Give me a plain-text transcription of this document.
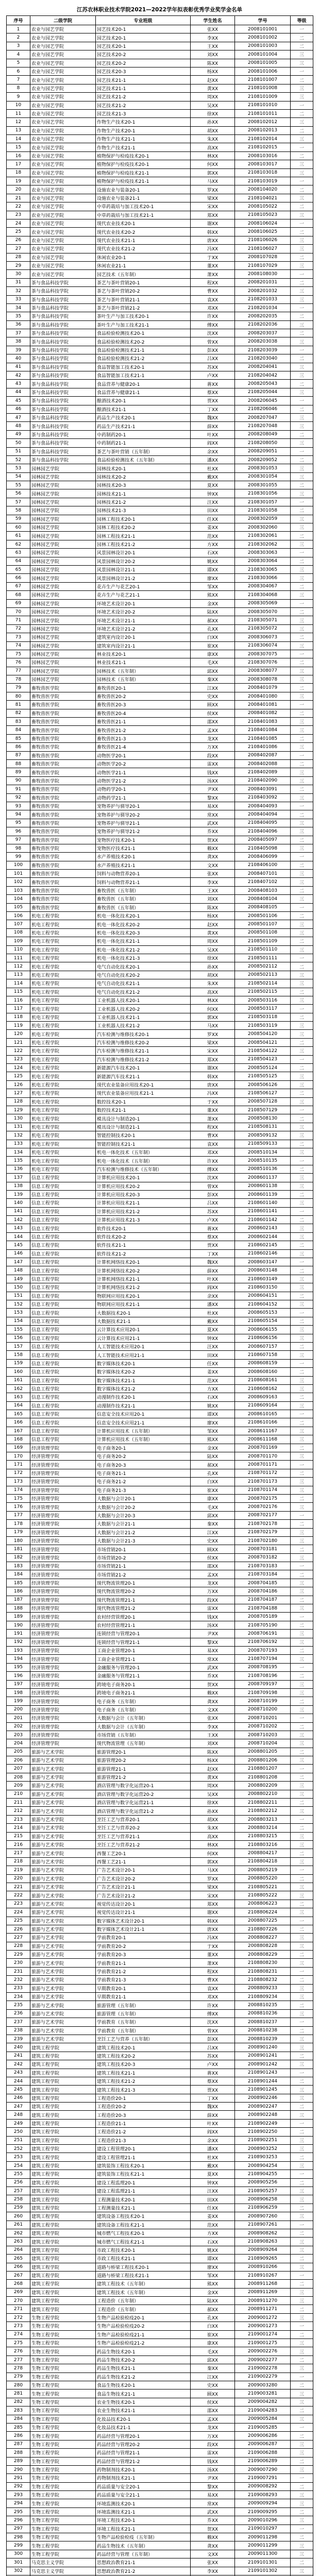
江苏农林职业技术学院2021—2022学年拟表彰优秀学业奖学金名单
序号	二级学院	专业班级	学生姓名	学号	等级
1	农业与园艺学院	园艺技术20-1	张XX	2008101001	一
2	农业与园艺学院	园艺技术20-1	李XX	2008101002	二
3	农业与园艺学院	园艺技术20-1	王XX	2008101003	二
4	农业与园艺学院	园艺技术20-2	刘XX	2008101004	三
5	农业与园艺学院	园艺技术20-2	陈XX	2008101005	三
6	农业与园艺学院	园艺技术20-3	杨XX	2008101006	一
7	农业与园艺学院	园艺技术21-1	赵XX	2108101007	二
8	农业与园艺学院	园艺技术21-1	黄XX	2108101008	三
9	农业与园艺学院	园艺技术21-2	周XX	2108101009	三
10	农业与园艺学院	园艺技术21-2	吴XX	2108101010	一
11	农业与园艺学院	园艺技术21-3	徐XX	2108101011	二
12	农业与园艺学院	作物生产技术20-1	孙XX	2008102012	三
13	农业与园艺学院	作物生产技术20-1	胡XX	2008102013	二
14	农业与园艺学院	作物生产技术21-1	朱XX	2108102014	三
15	农业与园艺学院	作物生产技术21-1	高XX	2108102015	一
16	农业与园艺学院	植物保护与检疫技术20-1	林XX	2008103016	二
17	农业与园艺学院	植物保护与检疫技术20-1	何XX	2008103017	三
18	农业与园艺学院	植物保护与检疫技术21-1	郭XX	2108103018	三
19	农业与园艺学院	植物保护与检疫技术21-1	马XX	2108103019	一
20	农业与园艺学院	设施农业与装备20-1	罗XX	2008104020	二
21	农业与园艺学院	设施农业与装备21-1	梁XX	2108104021	三
22	农业与园艺学院	中草药栽培与加工技术20-1	宋XX	2008105022	二
23	农业与园艺学院	中草药栽培与加工技术21-1	郑XX	2108105023	三
24	农业与园艺学院	现代农业技术20-1	谢XX	2008106024	一
25	农业与园艺学院	现代农业技术20-2	韩XX	2008106025	二
26	农业与园艺学院	现代农业技术21-1	唐XX	2108106026	三
27	农业与园艺学院	现代农业技术21-2	冯XX	2108106027	三
28	农业与园艺学院	休闲农业20-1	于XX	2008107028	二
29	农业与园艺学院	休闲农业21-1	董XX	2108107029	三
30	农业与园艺学院	园艺技术（五年制）	萧XX	2008108030	一
31	茶与食品科技学院	茶艺与茶叶营销20-1	程XX	2008201031	二
32	茶与食品科技学院	茶艺与茶叶营销20-2	曹XX	2008201032	三
33	茶与食品科技学院	茶艺与茶叶营销21-1	袁XX	2108201033	三
34	茶与食品科技学院	茶艺与茶叶营销21-2	邓XX	2108201034	一
35	茶与食品科技学院	茶叶生产与加工技术20-1	许XX	2008202035	二
36	茶与食品科技学院	茶叶生产与加工技术21-1	傅XX	2108202036	三
37	茶与食品科技学院	食品检验检测技术20-1	沈XX	2008203037	二
38	茶与食品科技学院	食品检验检测技术20-2	曾XX	2008203038	三
39	茶与食品科技学院	食品检验检测技术21-1	彭XX	2108203039	一
40	茶与食品科技学院	食品检验检测技术21-2	吕XX	2108203040	二
41	茶与食品科技学院	食品智能加工技术20-1	苏XX	2008204041	三
42	茶与食品科技学院	食品智能加工技术21-1	卢XX	2108204042	三
43	茶与食品科技学院	食品营养与健康20-1	蒋XX	2008205043	二
44	茶与食品科技学院	食品营养与健康21-1	蔡XX	2108205044	三
45	茶与食品科技学院	酿酒技术20-1	贾XX	2008206045	一
46	茶与食品科技学院	酿酒技术21-1	丁XX	2108206046	二
47	茶与食品科技学院	药品生产技术20-1	魏XX	2008207047	三
48	茶与食品科技学院	药品生产技术21-1	薛XX	2108207048	三
49	茶与食品科技学院	中药制药20-1	叶XX	2008208049	二
50	茶与食品科技学院	中药制药21-1	阎XX	2108208050	三
51	茶与食品科技学院	茶艺与茶叶营销（五年制）	余XX	2008209051	一
52	茶与食品科技学院	食品检验检测技术（五年制）	潘XX	2008209052	二
53	园林园艺学院	园林技术20-1	杜XX	2008301053	三
54	园林园艺学院	园林技术20-2	戴XX	2008301054	三
55	园林园艺学院	园林技术20-3	夏XX	2008301055	二
56	园林园艺学院	园林技术21-1	钟XX	2108301056	三
57	园林园艺学院	园林技术21-2	汪XX	2108301057	一
58	园林园艺学院	园林技术21-3	田XX	2108301058	二
59	园林园艺学院	园林工程技术20-1	任XX	2008302059	三
60	园林园艺学院	园林工程技术20-2	姜XX	2008302060	三
61	园林园艺学院	园林工程技术21-1	范XX	2108302061	二
62	园林园艺学院	园林工程技术21-2	方XX	2108302062	三
63	园林园艺学院	风景园林设计20-1	石XX	2008303063	一
64	园林园艺学院	风景园林设计20-2	姚XX	2008303064	二
65	园林园艺学院	风景园林设计21-1	谭XX	2108303065	三
66	园林园艺学院	风景园林设计21-2	廖XX	2108303066	三
67	园林园艺学院	花卉生产与花艺20-1	邹XX	2008304067	二
68	园林园艺学院	花卉生产与花艺21-1	熊XX	2108304068	三
69	园林园艺学院	环境艺术设计20-1	金XX	2008305069	一
70	园林园艺学院	环境艺术设计20-2	陆XX	2008305070	二
71	园林园艺学院	环境艺术设计21-1	郝XX	2108305071	三
72	园林园艺学院	环境艺术设计21-2	孔XX	2108305072	三
73	园林园艺学院	建筑室内设计20-1	白XX	2008306073	二
74	园林园艺学院	建筑室内设计21-1	崔XX	2108306074	三
75	园林园艺学院	林业技术20-1	康XX	2008307075	一
76	园林园艺学院	林业技术21-1	毛XX	2108307076	二
77	园林园艺学院	园林技术（五年制）	邱XX	2008308077	三
78	园林园艺学院	园林技术（五年制）	秦XX	2008308078	三
79	畜牧兽医学院	畜牧兽医20-1	江XX	2008401079	二
80	畜牧兽医学院	畜牧兽医20-2	史XX	2008401080	三
81	畜牧兽医学院	畜牧兽医20-3	顾XX	2008401081	一
82	畜牧兽医学院	畜牧兽医20-4	侯XX	2008401082	二
83	畜牧兽医学院	畜牧兽医21-1	邵XX	2108401083	三
84	畜牧兽医学院	畜牧兽医21-2	孟XX	2108401084	三
85	畜牧兽医学院	畜牧兽医21-3	龙XX	2108401085	二
86	畜牧兽医学院	畜牧兽医21-4	万XX	2108401086	三
87	畜牧兽医学院	动物医学20-1	段XX	2008402087	一
88	畜牧兽医学院	动物医学20-2	雷XX	2008402088	二
89	畜牧兽医学院	动物医学21-1	钱XX	2108402089	三
90	畜牧兽医学院	动物医学21-2	汤XX	2108402090	三
91	畜牧兽医学院	动物药学20-1	尹XX	2008403091	二
92	畜牧兽医学院	动物药学21-1	黎XX	2108403092	三
93	畜牧兽医学院	宠物养护与驯导20-1	易XX	2008404093	一
94	畜牧兽医学院	宠物养护与驯导20-2	常XX	2008404094	二
95	畜牧兽医学院	宠物养护与驯导21-1	武XX	2108404095	三
96	畜牧兽医学院	宠物养护与驯导21-2	乔XX	2108404096	三
97	畜牧兽医学院	宠物医疗技术20-1	贺XX	2008405097	二
98	畜牧兽医学院	宠物医疗技术21-1	赖XX	2108405098	三
99	畜牧兽医学院	水产养殖技术20-1	龚XX	2008406099	一
100	畜牧兽医学院	水产养殖技术21-1	文XX	2108406100	二
101	畜牧兽医学院	饲料与动物营养20-1	张XX	2008407101	三
102	畜牧兽医学院	饲料与动物营养21-1	李XX	2108407102	三
103	畜牧兽医学院	畜牧兽医（五年制）	王XX	2008408103	二
104	畜牧兽医学院	畜牧兽医（五年制）	刘XX	2008408104	三
105	畜牧兽医学院	畜牧兽医（五年制）	陈XX	2008408105	一
106	机电工程学院	机电一体化技术20-1	杨XX	2008501106	二
107	机电工程学院	机电一体化技术20-2	赵XX	2008501107	三
108	机电工程学院	机电一体化技术20-3	黄XX	2008501108	三
109	机电工程学院	机电一体化技术21-1	周XX	2108501109	二
110	机电工程学院	机电一体化技术21-2	吴XX	2108501110	三
111	机电工程学院	机电一体化技术21-3	徐XX	2108501111	一
112	机电工程学院	电气自动化技术20-1	孙XX	2008502112	二
113	机电工程学院	电气自动化技术20-2	胡XX	2008502113	三
114	机电工程学院	电气自动化技术21-1	朱XX	2108502114	三
115	机电工程学院	电气自动化技术21-2	高XX	2108502115	二
116	机电工程学院	工业机器人技术20-1	林XX	2008503116	三
117	机电工程学院	工业机器人技术20-2	何XX	2008503117	一
118	机电工程学院	工业机器人技术21-1	郭XX	2108503118	二
119	机电工程学院	工业机器人技术21-2	马XX	2108503119	三
120	机电工程学院	汽车检测与维修技术20-1	罗XX	2008504120	三
121	机电工程学院	汽车检测与维修技术20-2	梁XX	2008504121	二
122	机电工程学院	汽车检测与维修技术21-1	宋XX	2108504122	三
123	机电工程学院	汽车检测与维修技术21-2	郑XX	2108504123	一
124	机电工程学院	新能源汽车技术20-1	谢XX	2008505124	二
125	机电工程学院	新能源汽车技术21-1	韩XX	2108505125	三
126	机电工程学院	现代农业装备应用技术20-1	唐XX	2008506126	三
127	机电工程学院	现代农业装备应用技术21-1	冯XX	2108506127	二
128	机电工程学院	数控技术20-1	于XX	2008507128	三
129	机电工程学院	数控技术21-1	董XX	2108507129	一
130	机电工程学院	模具设计与制造20-1	萧XX	2008508130	二
131	机电工程学院	模具设计与制造21-1	程XX	2108508131	三
132	机电工程学院	智能控制技术20-1	曹XX	2008509132	三
133	机电工程学院	智能控制技术21-1	袁XX	2108509133	二
134	机电工程学院	机电一体化技术（五年制）	邓XX	2008510134	三
135	机电工程学院	机电一体化技术（五年制）	许XX	2008510135	一
136	机电工程学院	汽车检测与维修技术（五年制）	傅XX	2008510136	二
137	信息工程学院	计算机应用技术20-1	沈XX	2008601137	三
138	信息工程学院	计算机应用技术20-2	曾XX	2008601138	三
139	信息工程学院	计算机应用技术20-3	彭XX	2008601139	二
140	信息工程学院	计算机应用技术21-1	吕XX	2108601140	三
141	信息工程学院	计算机应用技术21-2	苏XX	2108601141	一
142	信息工程学院	计算机应用技术21-3	卢XX	2108601142	二
143	信息工程学院	软件技术20-1	蒋XX	2008602143	三
144	信息工程学院	软件技术20-2	蔡XX	2008602144	三
145	信息工程学院	软件技术21-1	贾XX	2108602145	二
146	信息工程学院	软件技术21-2	丁XX	2108602146	三
147	信息工程学院	计算机网络技术20-1	魏XX	2008603147	一
148	信息工程学院	计算机网络技术20-2	薛XX	2008603148	二
149	信息工程学院	计算机网络技术21-1	叶XX	2108603149	三
150	信息工程学院	计算机网络技术21-2	阎XX	2108603150	三
151	信息工程学院	物联网应用技术20-1	余XX	2008604151	二
152	信息工程学院	物联网应用技术21-1	潘XX	2108604152	三
153	信息工程学院	大数据技术20-1	杜XX	2008605153	一
154	信息工程学院	大数据技术21-1	戴XX	2108605154	二
155	信息工程学院	云计算技术应用20-1	夏XX	2008606155	三
156	信息工程学院	云计算技术应用21-1	钟XX	2108606156	三
157	信息工程学院	人工智能技术应用20-1	汪XX	2008607157	二
158	信息工程学院	人工智能技术应用21-1	田XX	2108607158	三
159	信息工程学院	数字媒体技术20-1	任XX	2008608159	一
160	信息工程学院	数字媒体技术20-2	姜XX	2008608160	二
161	信息工程学院	数字媒体技术21-1	范XX	2108608161	三
162	信息工程学院	数字媒体技术21-2	方XX	2108608162	三
163	信息工程学院	动漫制作技术20-1	石XX	2008609163	二
164	信息工程学院	动漫制作技术21-1	姚XX	2108609164	三
165	信息工程学院	信息安全技术应用20-1	谭XX	2008610165	一
166	信息工程学院	信息安全技术应用21-1	廖XX	2108610166	二
167	信息工程学院	计算机应用技术（五年制）	邹XX	2008611167	三
168	信息工程学院	计算机应用技术（五年制）	熊XX	2008611168	三
169	经济管理学院	电子商务20-1	金XX	2008701169	二
170	经济管理学院	电子商务20-2	陆XX	2008701170	三
171	经济管理学院	电子商务20-3	郝XX	2008701171	一
172	经济管理学院	电子商务21-1	孔XX	2108701172	二
173	经济管理学院	电子商务21-2	白XX	2108701173	三
174	经济管理学院	电子商务21-3	崔XX	2108701174	三
175	经济管理学院	大数据与会计20-1	康XX	2008702175	二
176	经济管理学院	大数据与会计20-2	毛XX	2008702176	三
177	经济管理学院	大数据与会计20-3	邱XX	2008702177	一
178	经济管理学院	大数据与会计21-1	秦XX	2108702178	二
179	经济管理学院	大数据与会计21-2	江XX	2108702179	三
180	经济管理学院	大数据与会计21-3	史XX	2108702180	三
181	经济管理学院	市场营销20-1	顾XX	2008703181	二
182	经济管理学院	市场营销20-2	侯XX	2008703182	三
183	经济管理学院	市场营销21-1	邵XX	2108703183	一
184	经济管理学院	市场营销21-2	孟XX	2108703184	二
185	经济管理学院	现代物流管理20-1	龙XX	2008704185	三
186	经济管理学院	现代物流管理20-2	万XX	2008704186	三
187	经济管理学院	现代物流管理21-1	段XX	2108704187	二
188	经济管理学院	现代物流管理21-2	雷XX	2108704188	三
189	经济管理学院	农村经营管理20-1	钱XX	2008705189	一
190	经济管理学院	农村经营管理21-1	汤XX	2108705190	二
191	经济管理学院	连锁经营与管理20-1	尹XX	2008706191	三
192	经济管理学院	连锁经营与管理21-1	黎XX	2108706192	三
193	经济管理学院	工商企业管理20-1	易XX	2008707193	二
194	经济管理学院	工商企业管理21-1	常XX	2108707194	三
195	经济管理学院	金融服务与管理20-1	武XX	2008708195	一
196	经济管理学院	金融服务与管理21-1	乔XX	2108708196	二
197	经济管理学院	跨境电子商务20-1	贺XX	2008709197	三
198	经济管理学院	跨境电子商务21-1	赖XX	2108709198	三
199	经济管理学院	电子商务（五年制）	龚XX	2008710199	二
200	经济管理学院	电子商务（五年制）	文XX	2008710200	三
201	经济管理学院	大数据与会计（五年制）	张XX	2008710201	一
202	经济管理学院	大数据与会计（五年制）	李XX	2008710202	二
203	经济管理学院	市场营销（五年制）	王XX	2008710203	三
204	经济管理学院	现代物流管理（五年制）	刘XX	2008710204	三
205	旅游与艺术学院	旅游管理20-1	陈XX	2008801205	二
206	旅游与艺术学院	旅游管理20-2	杨XX	2008801206	三
207	旅游与艺术学院	旅游管理21-1	赵XX	2108801207	一
208	旅游与艺术学院	旅游管理21-2	黄XX	2108801208	二
209	旅游与艺术学院	酒店管理与数字化运营20-1	周XX	2008802209	三
210	旅游与艺术学院	酒店管理与数字化运营20-2	吴XX	2008802210	三
211	旅游与艺术学院	酒店管理与数字化运营21-1	徐XX	2108802211	二
212	旅游与艺术学院	酒店管理与数字化运营21-2	孙XX	2108802212	三
213	旅游与艺术学院	烹饪工艺与营养20-1	胡XX	2008803213	一
214	旅游与艺术学院	烹饪工艺与营养20-2	朱XX	2008803214	二
215	旅游与艺术学院	烹饪工艺与营养21-1	高XX	2108803215	三
216	旅游与艺术学院	烹饪工艺与营养21-2	林XX	2108803216	三
217	旅游与艺术学院	西餐工艺20-1	何XX	2008804217	二
218	旅游与艺术学院	西餐工艺21-1	郭XX	2108804218	三
219	旅游与艺术学院	广告艺术设计20-1	马XX	2008805219	一
220	旅游与艺术学院	广告艺术设计20-2	罗XX	2008805220	二
221	旅游与艺术学院	广告艺术设计21-1	梁XX	2108805221	三
222	旅游与艺术学院	广告艺术设计21-2	宋XX	2108805222	三
223	旅游与艺术学院	视觉传达设计20-1	郑XX	2008806223	二
224	旅游与艺术学院	视觉传达设计21-1	谢XX	2108806224	三
225	旅游与艺术学院	数字媒体艺术设计20-1	韩XX	2008807225	一
226	旅游与艺术学院	数字媒体艺术设计21-1	唐XX	2108807226	二
227	旅游与艺术学院	学前教育20-1	冯XX	2008808227	三
228	旅游与艺术学院	学前教育20-2	于XX	2008808228	三
229	旅游与艺术学院	学前教育20-3	董XX	2008808229	二
230	旅游与艺术学院	学前教育21-1	萧XX	2108808230	三
231	旅游与艺术学院	学前教育21-2	程XX	2108808231	一
232	旅游与艺术学院	学前教育21-3	曹XX	2108808232	二
233	旅游与艺术学院	早期教育20-1	袁XX	2008809233	三
234	旅游与艺术学院	早期教育21-1	邓XX	2108809234	三
235	旅游与艺术学院	旅游管理（五年制）	许XX	2008810235	二
236	旅游与艺术学院	旅游管理（五年制）	傅XX	2008810236	三
237	旅游与艺术学院	学前教育（五年制）	沈XX	2008810237	一
238	旅游与艺术学院	学前教育（五年制）	曾XX	2008810238	二
239	旅游与艺术学院	烹饪工艺与营养（五年制）	彭XX	2008810239	三
240	建筑工程学院	建筑工程技术20-1	吕XX	2008901240	三
241	建筑工程学院	建筑工程技术20-2	苏XX	2008901241	二
242	建筑工程学院	建筑工程技术20-3	卢XX	2008901242	三
243	建筑工程学院	建筑工程技术21-1	蒋XX	2108901243	一
244	建筑工程学院	建筑工程技术21-2	蔡XX	2108901244	二
245	建筑工程学院	建筑工程技术21-3	贾XX	2108901245	三
246	建筑工程学院	工程造价20-1	丁XX	2008902246	三
247	建筑工程学院	工程造价20-2	魏XX	2008902247	二
248	建筑工程学院	工程造价20-3	薛XX	2008902248	三
249	建筑工程学院	工程造价21-1	叶XX	2108902249	一
250	建筑工程学院	工程造价21-2	阎XX	2108902250	二
251	建筑工程学院	工程造价21-3	余XX	2108902251	三
252	建筑工程学院	建设工程管理20-1	潘XX	2008903252	三
253	建筑工程学院	建设工程管理21-1	杜XX	2108903253	二
254	建筑工程学院	建筑装饰工程技术20-1	戴XX	2008904254	三
255	建筑工程学院	建筑装饰工程技术21-1	夏XX	2108904255	一
256	建筑工程学院	建设工程监理20-1	钟XX	2008905256	二
257	建筑工程学院	建设工程监理21-1	汪XX	2108905257	三
258	建筑工程学院	工程测量技术20-1	田XX	2008906258	三
259	建筑工程学院	工程测量技术21-1	任XX	2108906259	二
260	建筑工程学院	建筑设备工程技术20-1	姜XX	2008907260	三
261	建筑工程学院	建筑设备工程技术21-1	范XX	2108907261	一
262	建筑工程学院	城市燃气工程技术20-1	方XX	2008908262	二
263	建筑工程学院	城市燃气工程技术21-1	石XX	2108908263	三
264	建筑工程学院	市政工程技术20-1	姚XX	2008909264	三
265	建筑工程学院	市政工程技术21-1	谭XX	2108909265	二
266	建筑工程学院	道路与桥梁工程技术20-1	廖XX	2008910266	三
267	建筑工程学院	道路与桥梁工程技术21-1	邹XX	2108910267	一
268	建筑工程学院	建筑工程技术（五年制）	熊XX	2008911268	二
269	建筑工程学院	建筑工程技术（五年制）	金XX	2008911269	三
270	建筑工程学院	工程造价（五年制）	陆XX	2008911270	三
271	建筑工程学院	工程造价（五年制）	郝XX	2008911271	二
272	生物工程学院	生物产品检验检疫20-1	孔XX	2009001272	三
273	生物工程学院	生物产品检验检疫20-2	白XX	2009001273	一
274	生物工程学院	生物产品检验检疫21-1	崔XX	2109001274	二
275	生物工程学院	生物产品检验检疫21-2	康XX	2109001275	三
276	生物工程学院	药品生物技术20-1	毛XX	2009002276	三
277	生物工程学院	药品生物技术20-2	邱XX	2009002277	二
278	生物工程学院	药品生物技术21-1	秦XX	2109002278	三
279	生物工程学院	药品生物技术21-2	江XX	2109002279	一
280	生物工程学院	食品生物技术20-1	史XX	2009003280	二
281	生物工程学院	食品生物技术21-1	顾XX	2109003281	三
282	生物工程学院	农业生物技术20-1	侯XX	2009004282	三
283	生物工程学院	农业生物技术21-1	邵XX	2109004283	二
284	生物工程学院	化妆品技术20-1	孟XX	2009005284	三
285	生物工程学院	化妆品技术21-1	龙XX	2109005285	一
286	生物工程学院	药品经营与管理20-1	万XX	2009006286	二
287	生物工程学院	药品经营与管理20-2	段XX	2009006287	三
288	生物工程学院	药品经营与管理21-1	雷XX	2109006288	三
289	生物工程学院	药品经营与管理21-2	钱XX	2109006289	二
290	生物工程学院	药物制剂技术20-1	汤XX	2009007290	三
291	生物工程学院	药物制剂技术21-1	尹XX	2109007291	一
292	生物工程学院	药品质量与安全20-1	黎XX	2009008292	二
293	生物工程学院	药品质量与安全21-1	易XX	2109008293	三
294	生物工程学院	环境监测技术20-1	常XX	2009009294	三
295	生物工程学院	环境监测技术21-1	武XX	2109009295	二
296	生物工程学院	环境工程技术20-1	乔XX	2009010296	三
297	生物工程学院	环境工程技术21-1	贺XX	2109010297	一
298	生物工程学院	生物产品检验检疫（五年制）	赖XX	2009011298	二
299	生物工程学院	药品生物技术（五年制）	龚XX	2009011299	三
300	生物工程学院	药品经营与管理（五年制）	文XX	2009011300	三
301	马克思主义学院	思想政治教育21-1	张XX	2109101301	二
302	马克思主义学院	思想政治教育21-2	李XX	2109101302	三
